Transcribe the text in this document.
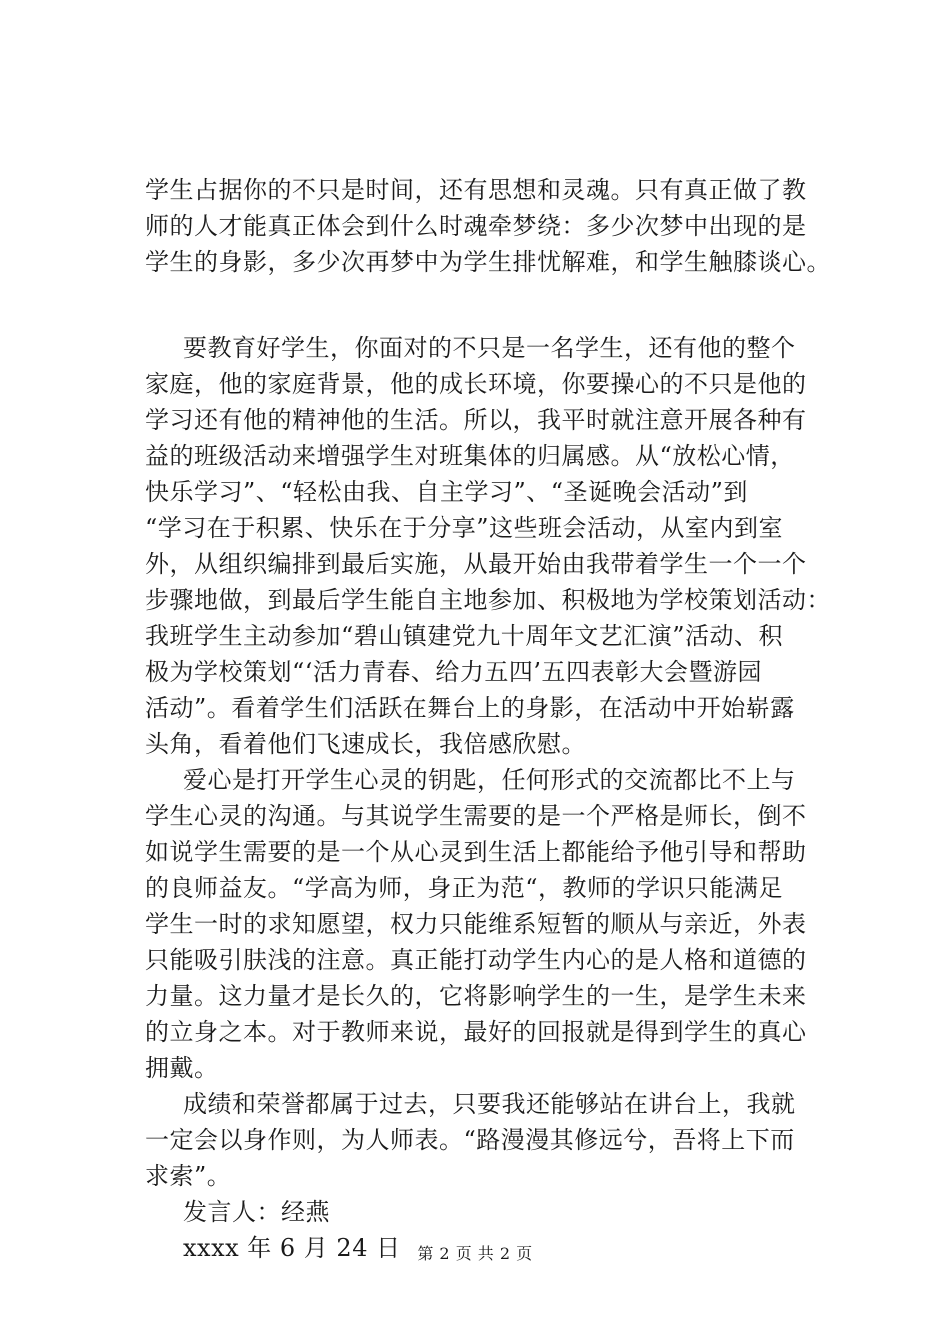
学生占据你的不只是时间，还有思想和灵魂。只有真正做了教
师的人才能真正体会到什么时魂牵梦绕：多少次梦中出现的是
学生的身影，多少次再梦中为学生排忧解难，和学生触膝谈心。
要教育好学生，你面对的不只是一名学生，还有他的整个
家庭，他的家庭背景，他的成长环境，你要操心的不只是他的
学习还有他的精神他的生活。所以，我平时就注意开展各种有
益的班级活动来增强学生对班集体的归属感。从“放松心情，
快乐学习”、“轻松由我、自主学习”、“圣诞晚会活动”到
“学习在于积累、快乐在于分享”这些班会活动，从室内到室
外，从组织编排到最后实施，从最开始由我带着学生一个一个
步骤地做，到最后学生能自主地参加、积极地为学校策划活动：
我班学生主动参加“碧山镇建党九十周年文艺汇演”活动、积
极为学校策划“‘活力青春、给力五四’五四表彰大会暨游园
活动”。看着学生们活跃在舞台上的身影，在活动中开始崭露
头角，看着他们飞速成长，我倍感欣慰。
爱心是打开学生心灵的钥匙，任何形式的交流都比不上与
学生心灵的沟通。与其说学生需要的是一个严格是师长，倒不
如说学生需要的是一个从心灵到生活上都能给予他引导和帮助
的良师益友。“学高为师，身正为范“，教师的学识只能满足
学生一时的求知愿望，权力只能维系短暂的顺从与亲近，外表
只能吸引肤浅的注意。真正能打动学生内心的是人格和道德的
力量。这力量才是长久的，它将影响学生的一生，是学生未来
的立身之本。对于教师来说，最好的回报就是得到学生的真心
拥戴。
成绩和荣誉都属于过去，只要我还能够站在讲台上，我就
一定会以身作则，为人师表。“路漫漫其修远兮，吾将上下而
求索”。
发言人：经燕
xxxx 年 6 月 24 日	第 2 页 共 2 页
